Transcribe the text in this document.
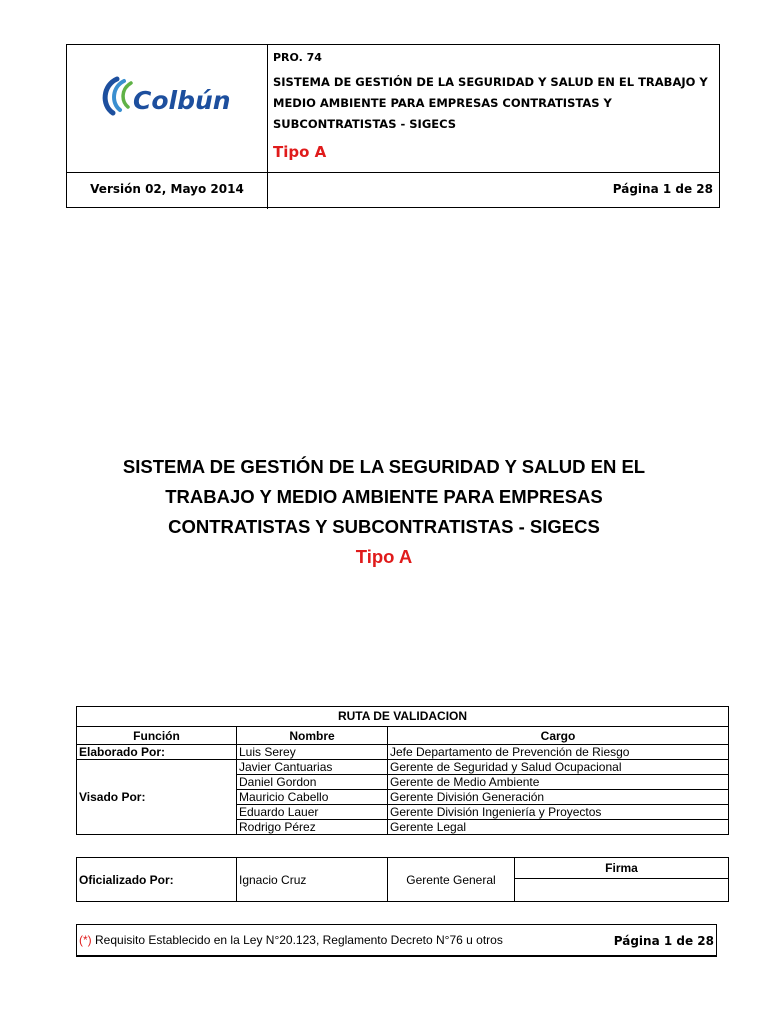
Colbún
PRO. 74
SISTEMA DE GESTIÓN DE LA SEGURIDAD Y SALUD EN EL TRABAJO Y MEDIO AMBIENTE PARA EMPRESAS CONTRATISTAS Y SUBCONTRATISTAS - SIGECS
Tipo A
Versión 02, Mayo 2014	Página 1 de 28
SISTEMA DE GESTIÓN DE LA SEGURIDAD Y SALUD EN EL
TRABAJO Y MEDIO AMBIENTE PARA EMPRESAS
CONTRATISTAS Y SUBCONTRATISTAS - SIGECS
Tipo A
RUTA DE VALIDACION		
Función	Nombre	Cargo
Elaborado Por:	Luis Serey	Jefe Departamento de Prevención de Riesgo
Visado Por:	Javier Cantuarias	Gerente de Seguridad y Salud Ocupacional
	Daniel Gordon	Gerente de Medio Ambiente
	Mauricio Cabello	Gerente División Generación
	Eduardo Lauer	Gerente División Ingeniería y Proyectos
	Rodrigo Pérez	Gerente Legal
Oficializado Por:	Ignacio Cruz	Gerente General	Firma

(*) Requisito Establecido en la Ley N°20.123, Reglamento Decreto N°76 u otros	Página 1 de 28
